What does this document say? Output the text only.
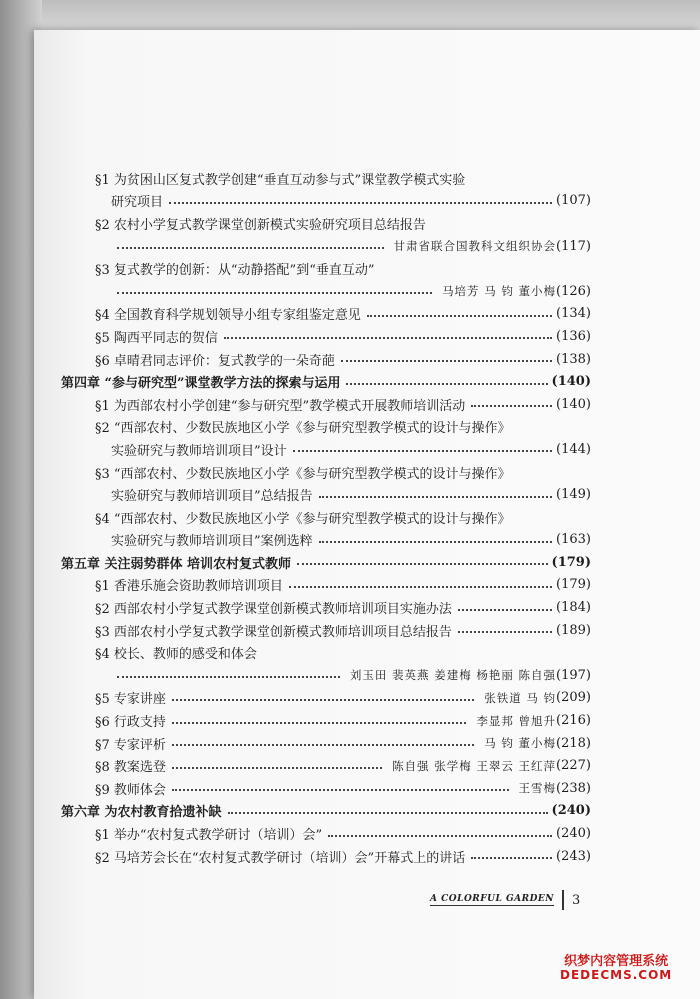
§1 为贫困山区复式教学创建“垂直互动参与式”课堂教学模式实验
研究项目	(107)
§2 农村小学复式教学课堂创新模式实验研究项目总结报告
甘肃省联合国教科文组织协会 (117)
§3 复式教学的创新：从“动静搭配”到“垂直互动”
马培芳 马 钧 董小梅 (126)
§4 全国教育科学规划领导小组专家组鉴定意见	(134)
§5 陶西平同志的贺信	(136)
§6 卓晴君同志评价：复式教学的一朵奇葩	(138)
第四章 “参与研究型”课堂教学方法的探索与运用	(140)
§1 为西部农村小学创建“参与研究型”教学模式开展教师培训活动	(140)
§2 “西部农村、少数民族地区小学《参与研究型教学模式的设计与操作》
实验研究与教师培训项目”设计	(144)
§3 “西部农村、少数民族地区小学《参与研究型教学模式的设计与操作》
实验研究与教师培训项目”总结报告	(149)
§4 “西部农村、少数民族地区小学《参与研究型教学模式的设计与操作》
实验研究与教师培训项目”案例选粹	(163)
第五章 关注弱势群体 培训农村复式教师	(179)
§1 香港乐施会资助教师培训项目	(179)
§2 西部农村小学复式教学课堂创新模式教师培训项目实施办法	(184)
§3 西部农村小学复式教学课堂创新模式教师培训项目总结报告	(189)
§4 校长、教师的感受和体会
刘玉田 裴英燕 姜建梅 杨艳丽 陈自强 (197)
§5 专家讲座	张铁道 马 钧 (209)
§6 行政支持	李显邦 曾旭升 (216)
§7 专家评析	马 钧 董小梅 (218)
§8 教案选登	陈自强 张学梅 王翠云 王红萍 (227)
§9 教师体会	王雪梅 (238)
第六章 为农村教育拾遗补缺	(240)
§1 举办“农村复式教学研讨（培训）会”	(240)
§2 马培芳会长在“农村复式教学研讨（培训）会”开幕式上的讲话	(243)
A COLORFUL GARDEN 3
织梦内容管理系统
DEDECMS.COM
